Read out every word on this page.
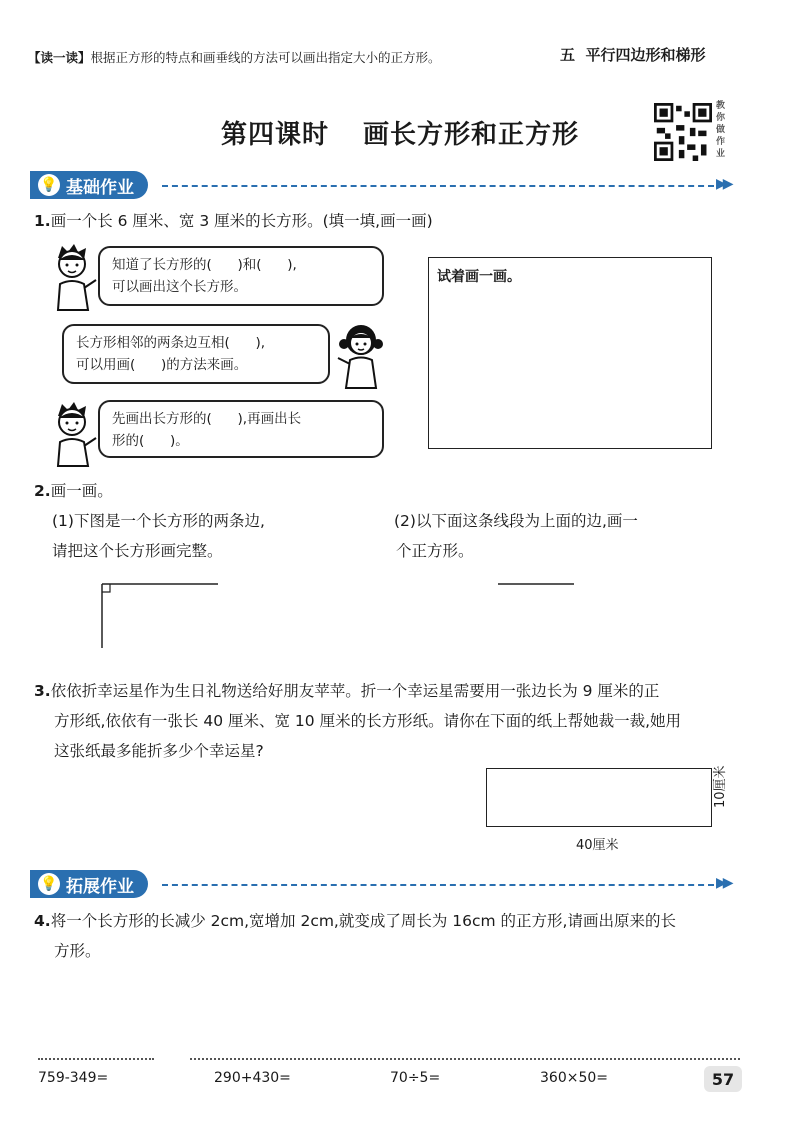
【读一读】根据正方形的特点和画垂线的方法可以画出指定大小的正方形。	五  平行四边形和梯形
第四课时 画长方形和正方形
教你做作业
💡 基础作业	▶▶
1.画一个长 6 厘米、宽 3 厘米的长方形。(填一填,画一画)
知道了长方形的(      )和(      ),
可以画出这个长方形。
长方形相邻的两条边互相(      ),
可以用画(      )的方法来画。
先画出长方形的(      ),再画出长
形的(      )。
试着画一画。
2.画一画。
(1)下图是一个长方形的两条边,
请把这个长方形画完整。
(2)以下面这条线段为上面的边,画一
个正方形。
3.依依折幸运星作为生日礼物送给好朋友苹苹。折一个幸运星需要用一张边长为 9 厘米的正
方形纸,依依有一张长 40 厘米、宽 10 厘米的长方形纸。请你在下面的纸上帮她裁一裁,她用
这张纸最多能折多少个幸运星?
40厘米
10厘米
💡 拓展作业	▶▶
4.将一个长方形的长减少 2cm,宽增加 2cm,就变成了周长为 16cm 的正方形,请画出原来的长
方形。
759-349=	290+430=	70÷5=	360×50=	57
